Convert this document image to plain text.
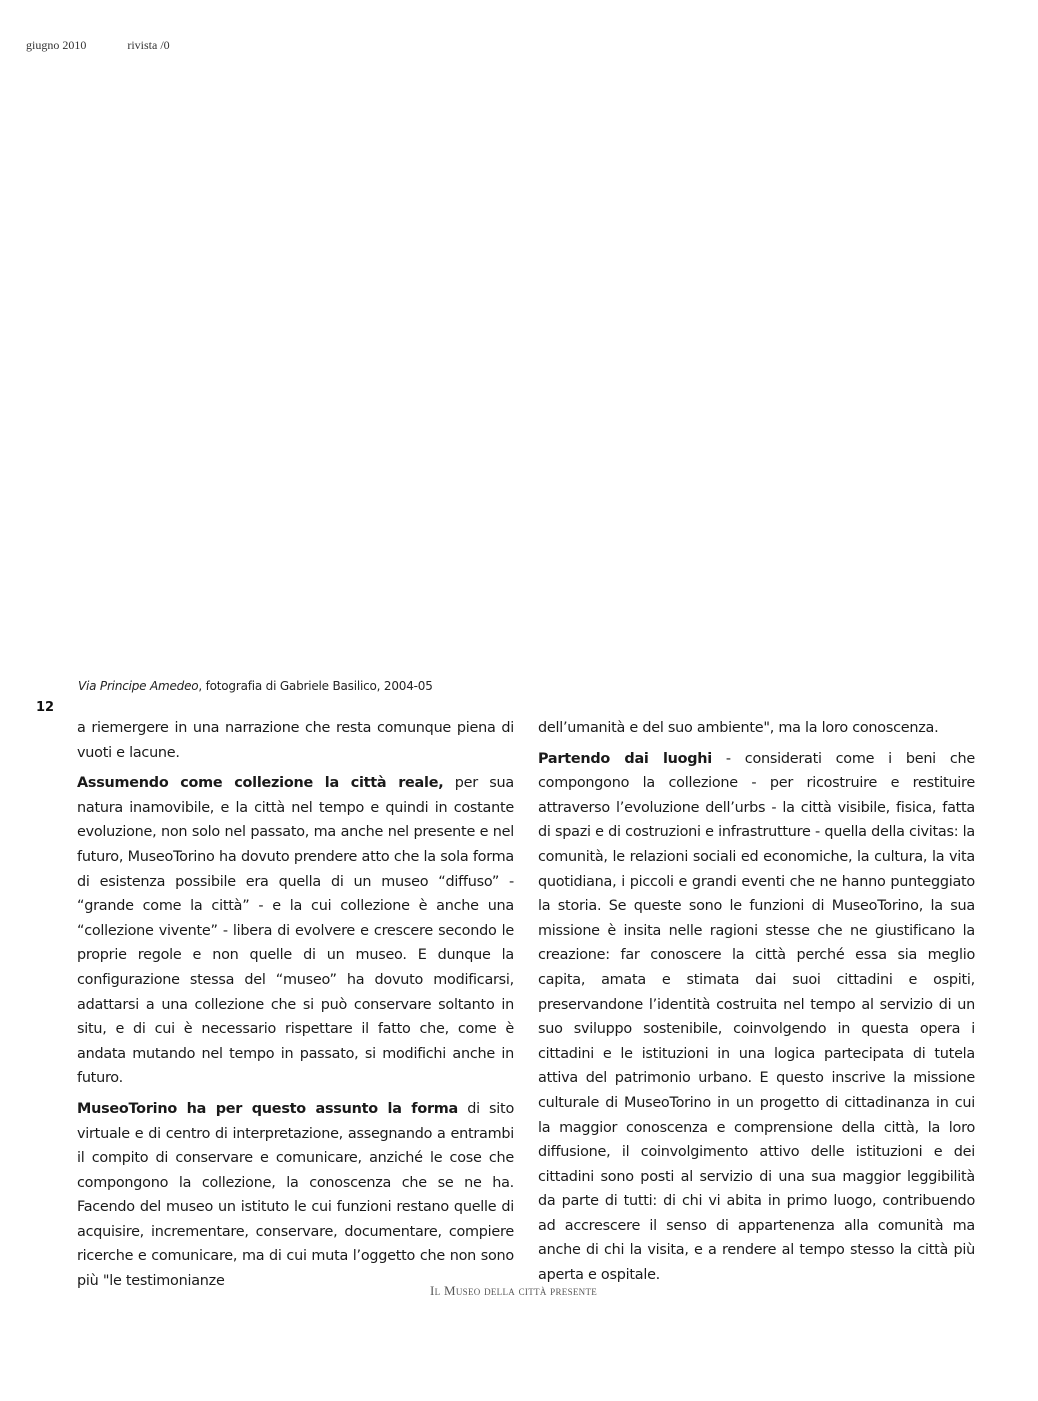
giugno 2010	rivista /0
Via Principe Amedeo, fotografia di Gabriele Basilico, 2004-05
12

a riemergere in una narrazione che resta comunque piena di vuoti e lacune.

Assumendo come collezione la città reale, per sua natura inamovibile, e la città nel tempo e quindi in costante evoluzione, non solo nel passato, ma anche nel presente e nel futuro, MuseoTorino ha dovuto prendere atto che la sola forma di esistenza possibile era quella di un museo “diffuso” - “grande come la città” - e la cui collezione è anche una “collezione vivente” - libera di evolvere e crescere secondo le proprie regole e non quelle di un museo. E dunque la configurazione stessa del “museo” ha dovuto modificarsi, adattarsi a una collezione che si può conservare soltanto in situ, e di cui è necessario rispettare il fatto che, come è andata mutando nel tempo in passato, si modifichi anche in futuro.

MuseoTorino ha per questo assunto la forma di sito virtuale e di centro di interpretazione, assegnando a entrambi il compito di conservare e comunicare, anziché le cose che compongono la collezione, la conoscenza che se ne ha. Facendo del museo un istituto le cui funzioni restano quelle di acquisire, incrementare, conservare, documentare, compiere ricerche e comunicare, ma di cui muta l’oggetto che non sono più "le testimonianze

dell’umanità e del suo ambiente", ma la loro conoscenza.

Partendo dai luoghi - considerati come i beni che compongono la collezione - per ricostruire e restituire attraverso l’evoluzione dell’urbs - la città visibile, fisica, fatta di spazi e di costruzioni e infrastrutture - quella della civitas: la comunità, le relazioni sociali ed economiche, la cultura, la vita quotidiana, i piccoli e grandi eventi che ne hanno punteggiato la storia. Se queste sono le funzioni di MuseoTorino, la sua missione è insita nelle ragioni stesse che ne giustificano la creazione: far conoscere la città perché essa sia meglio capita, amata e stimata dai suoi cittadini e ospiti, preservandone l’identità costruita nel tempo al servizio di un suo sviluppo sostenibile, coinvolgendo in questa opera i cittadini e le istituzioni in una logica partecipata di tutela attiva del patrimonio urbano. E questo inscrive la missione culturale di MuseoTorino in un progetto di cittadinanza in cui la maggior conoscenza e comprensione della città, la loro diffusione, il coinvolgimento attivo delle istituzioni e dei cittadini sono posti al servizio di una sua maggior leggibilità da parte di tutti: di chi vi abita in primo luogo, contribuendo ad accrescere il senso di appartenenza alla comunità ma anche di chi la visita, e a rendere al tempo stesso la città più aperta e ospitale.

Il Museo della città presente
